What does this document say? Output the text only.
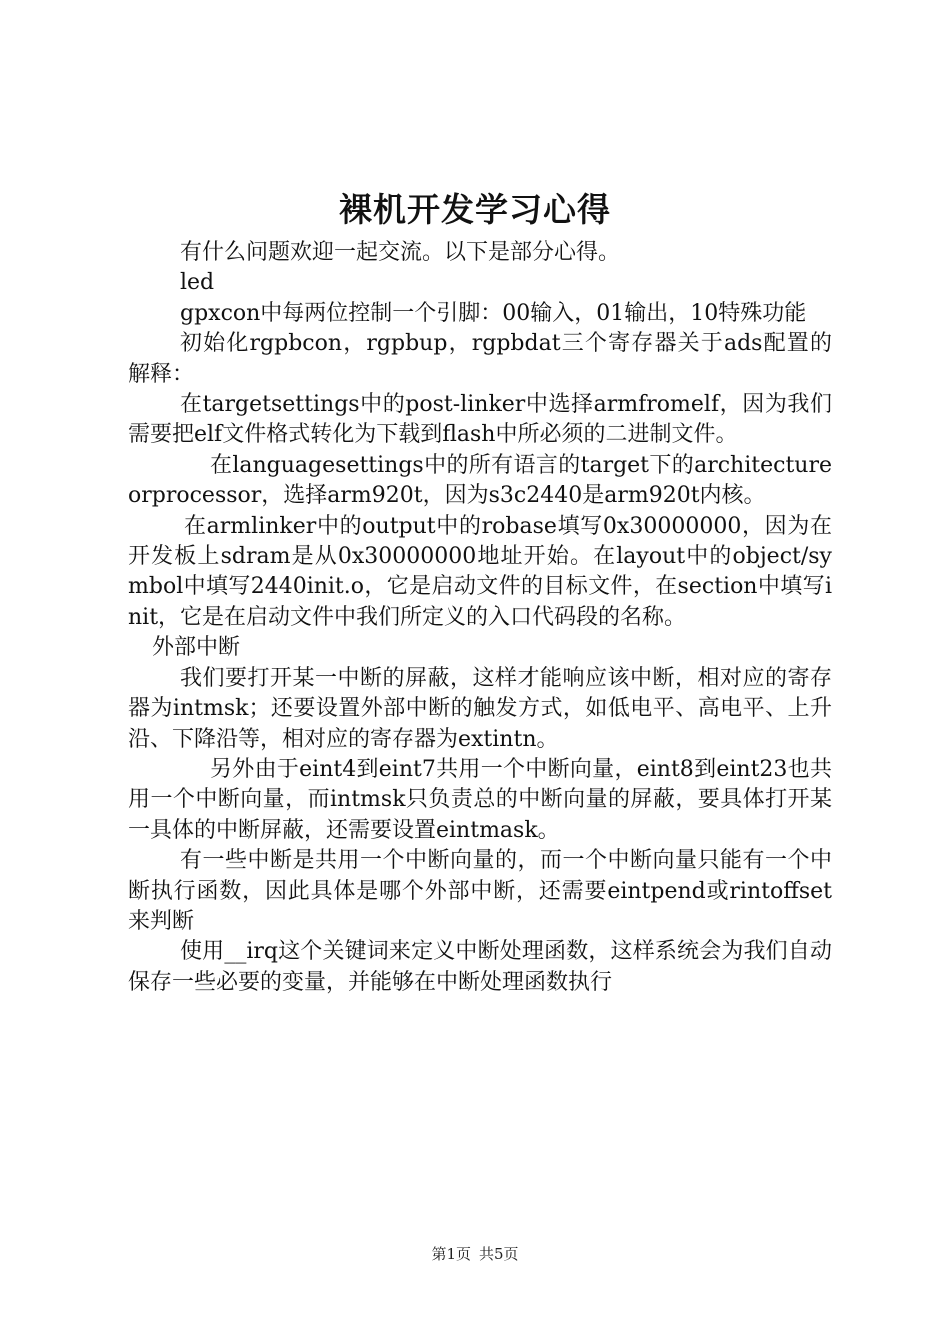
裸机开发学习心得

有什么问题欢迎一起交流。以下是部分心得。

led

gpxcon中每两位控制一个引脚：00输入，01输出，10特殊功能

初始化rgpbcon，rgpbup，rgpbdat三个寄存器关于ads配置的解释：

在targetsettings中的post-linker中选择armfromelf，因为我们需要把elf文件格式转化为下载到flash中所必须的二进制文件。

在languagesettings中的所有语言的target下的architectureorprocessor，选择arm920t，因为s3c2440是arm920t内核。

在armlinker中的output中的robase填写0x30000000，因为在开发板上sdram是从0x30000000地址开始。在layout中的object/symbol中填写2440init.o，它是启动文件的目标文件，在section中填写init，它是在启动文件中我们所定义的入口代码段的名称。

外部中断

我们要打开某一中断的屏蔽，这样才能响应该中断，相对应的寄存器为intmsk；还要设置外部中断的触发方式，如低电平、高电平、上升沿、下降沿等，相对应的寄存器为extintn。

另外由于eint4到eint7共用一个中断向量，eint8到eint23也共用一个中断向量，而intmsk只负责总的中断向量的屏蔽，要具体打开某一具体的中断屏蔽，还需要设置eintmask。

有一些中断是共用一个中断向量的，而一个中断向量只能有一个中断执行函数，因此具体是哪个外部中断，还需要eintpend或rintoffset来判断

使用__irq这个关键词来定义中断处理函数，这样系统会为我们自动保存一些必要的变量，并能够在中断处理函数执行

第1页 共5页
